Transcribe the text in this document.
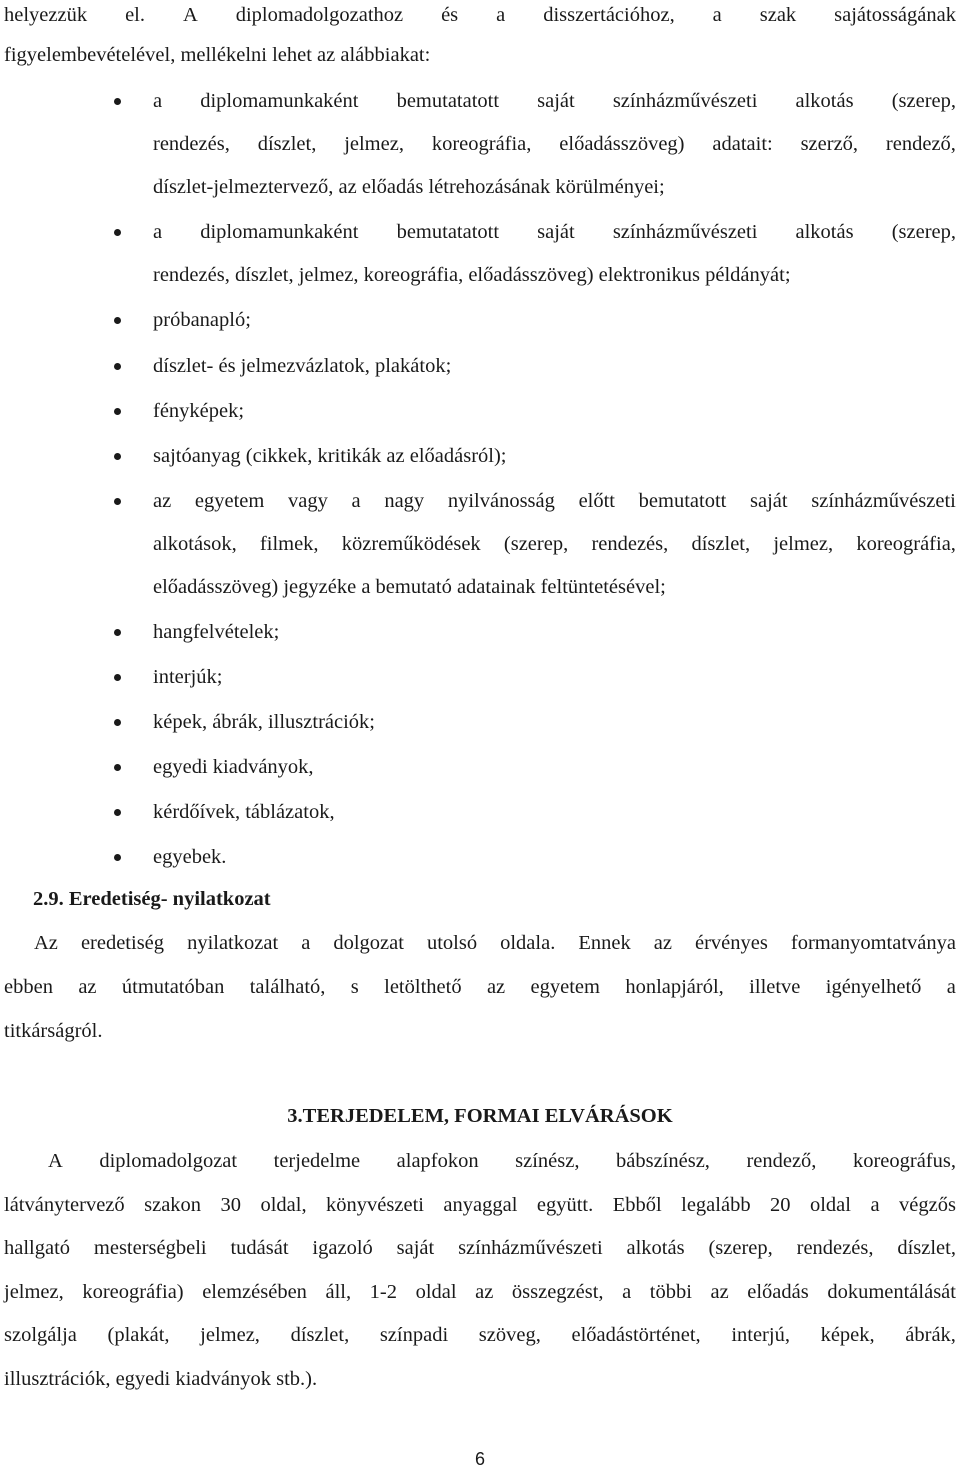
helyezzük el. A diplomadolgozathoz és a disszertációhoz, a szak sajátosságának
figyelembevételével, mellékelni lehet az alábbiakat:
a diplomamunkaként bemutatatott saját színházművészeti alkotás (szerep,
rendezés, díszlet, jelmez, koreográfia, előadásszöveg) adatait: szerző, rendező,
díszlet-jelmeztervező, az előadás létrehozásának körülményei;
a diplomamunkaként bemutatatott saját színházművészeti alkotás (szerep,
rendezés, díszlet, jelmez, koreográfia, előadásszöveg) elektronikus példányát;
próbanapló;
díszlet- és jelmezvázlatok, plakátok;
fényképek;
sajtóanyag (cikkek, kritikák az előadásról);
az egyetem vagy a nagy nyilvánosság előtt bemutatott saját színházművészeti
alkotások, filmek, közreműködések (szerep, rendezés, díszlet, jelmez, koreográfia,
előadásszöveg) jegyzéke a bemutató adatainak feltüntetésével;
hangfelvételek;
interjúk;
képek, ábrák, illusztrációk;
egyedi kiadványok,
kérdőívek, táblázatok,
egyebek.
2.9. Eredetiség- nyilatkozat
Az eredetiség nyilatkozat a dolgozat utolsó oldala. Ennek az érvényes formanyomtatványa
ebben az útmutatóban található, s letölthető az egyetem honlapjáról, illetve igényelhető a
titkárságról.
3.TERJEDELEM, FORMAI ELVÁRÁSOK
A diplomadolgozat terjedelme alapfokon színész, bábszínész, rendező, koreográfus,
látványtervező szakon 30 oldal, könyvészeti anyaggal együtt. Ebből legalább 20 oldal a végzős
hallgató mesterségbeli tudását igazoló saját színházművészeti alkotás (szerep, rendezés, díszlet,
jelmez, koreográfia) elemzésében áll, 1-2 oldal az összegzést, a többi az előadás dokumentálását
szolgálja (plakát, jelmez, díszlet, színpadi szöveg, előadástörténet, interjú, képek, ábrák,
illusztrációk, egyedi kiadványok stb.).
6
